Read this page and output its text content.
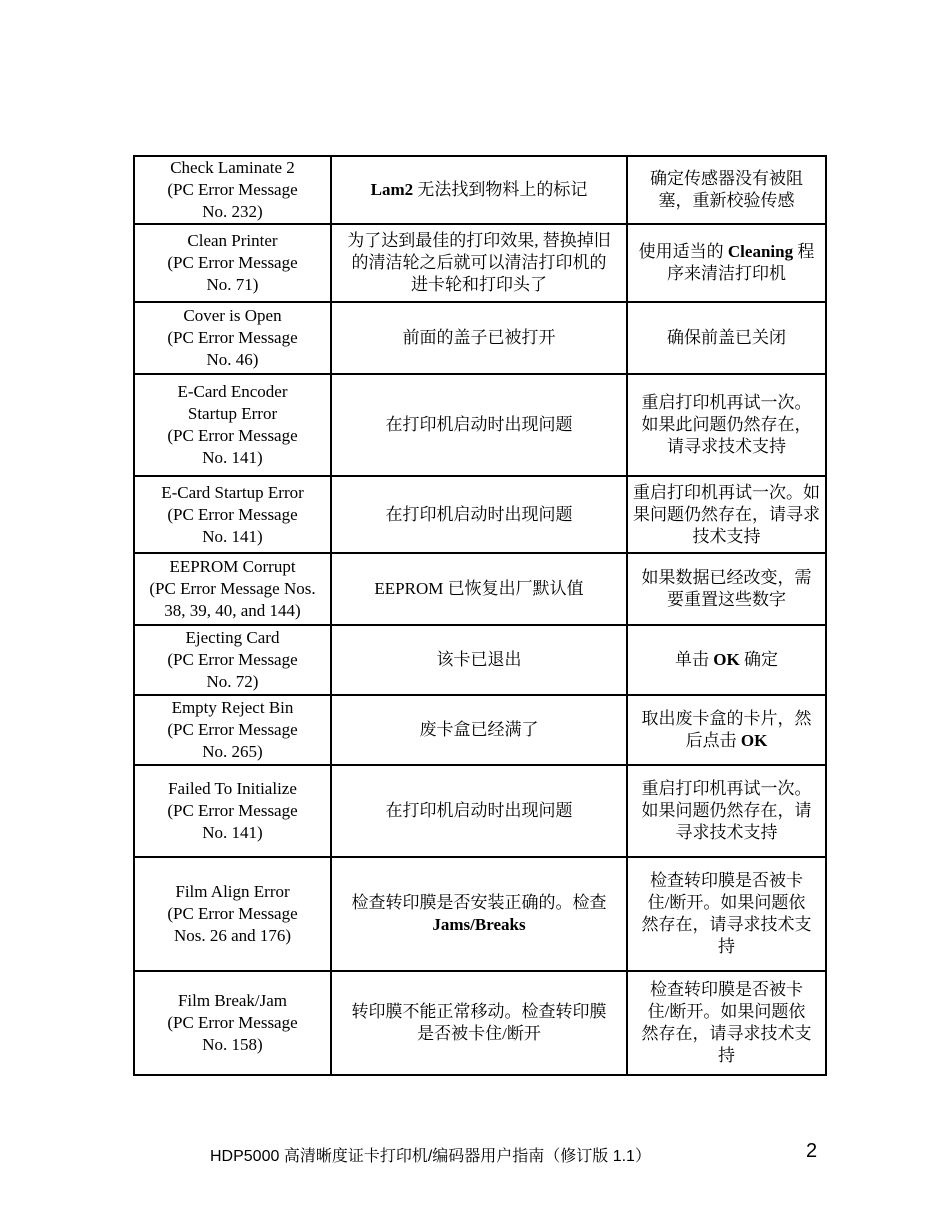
Check Laminate 2
(PC Error Message
No. 232)	Lam2 无法找到物料上的标记	确定传感器没有被阻塞，重新校验传感

Clean Printer
(PC Error Message
No. 71)	为了达到最佳的打印效果, 替换掉旧的清洁轮之后就可以清洁打印机的进卡轮和打印头了	使用适当的 Cleaning 程序来清洁打印机

Cover is Open
(PC Error Message
No. 46)	前面的盖子已被打开	确保前盖已关闭

E-Card Encoder Startup Error
(PC Error Message
No. 141)	在打印机启动时出现问题	重启打印机再试一次。如果此问题仍然存在，请寻求技术支持

E-Card Startup Error
(PC Error Message
No. 141)	在打印机启动时出现问题	重启打印机再试一次。如果问题仍然存在，请寻求技术支持

EEPROM Corrupt
(PC Error Message Nos.
38, 39, 40, and 144)	EEPROM 已恢复出厂默认值	如果数据已经改变，需要重置这些数字

Ejecting Card
(PC Error Message
No. 72)	该卡已退出	单击 OK 确定

Empty Reject Bin
(PC Error Message
No. 265)	废卡盒已经满了	取出废卡盒的卡片，然后点击 OK

Failed To Initialize
(PC Error Message
No. 141)	在打印机启动时出现问题	重启打印机再试一次。如果问题仍然存在，请寻求技术支持

Film Align Error
(PC Error Message
Nos. 26 and 176)	检查转印膜是否安装正确的。检查 Jams/Breaks	检查转印膜是否被卡住/断开。如果问题依然存在，请寻求技术支持

Film Break/Jam
(PC Error Message
No. 158)	转印膜不能正常移动。检查转印膜是否被卡住/断开	检查转印膜是否被卡住/断开。如果问题依然存在，请寻求技术支持
HDP5000 高清晰度证卡打印机/编码器用户指南（修订版 1.1）	2
